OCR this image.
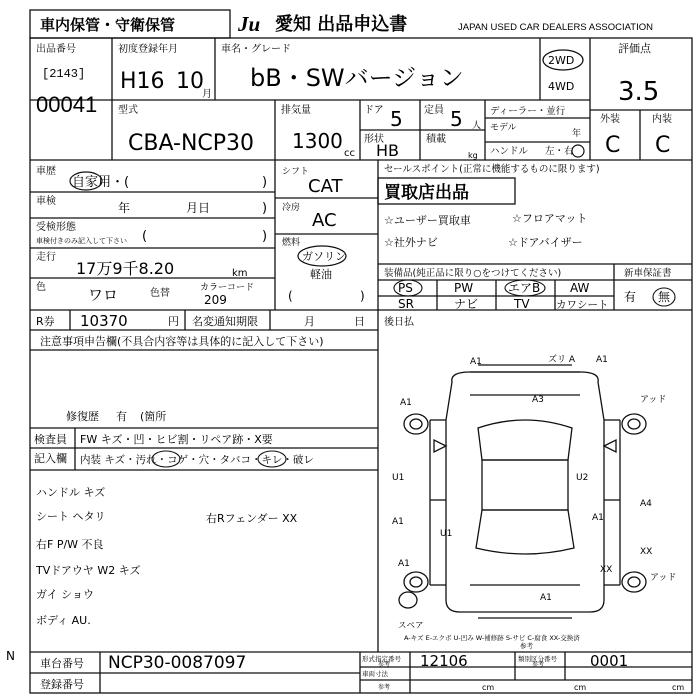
車内保管・守衛保管	Ju 愛知 出品申込書	JAPAN USED CAR DEALERS ASSOCIATION
出品番号
[2143]
00041
初度登録年月
H16 10
月
車名・グレード
bB・SWバージョン
2WD
4WD
評価点
3.5
外装	内装
C C
型式
CBA-NCP30
排気量
1300
cc
ドア 5 定員 5 人
形状
HB
積載
kg
ディーラー・並行
モデル
年
ハンドル 左・右
車歴
自家用・(	)
車検	年	月日	)
受検形態
車検付きのみ記入して下さい (	)
走行
17万9千8.20	km
色	ワロ	色替	カラーコード
209
シフト
CAT
冷房
AC
燃料
ガソリン
軽油
(	)
セールスポイント(正常に機能するものに限ります)
買取店出品
☆ユーザー買取車	☆フロアマット
☆社外ナビ	☆ドアバイザー
装備品(純正品に限り○をつけてください)
PS	PW	エアB AW
SR	ナビ	TV	カワシート
新車保証書
有 無
R券 10370	円 名変通知期限	月	日 後日払
注意事項申告欄(不具合内容等は具体的に記入して下さい)
修復歴 有 (箇所
検査員
記入欄
FW キズ・凹・ヒビ割・リペア跡・X要
内装 キズ・汚れ・コゲ・穴・タバコ・キレ・破レ
ハンドル キズ
シート ヘタリ	右Rフェンダー XX
右F P/W 不良
TVドアウヤ W2 キズ
ガイ ショウ
ボディ AU.
A1	ズリ A A1
A1	アッド
A3
U1	U2
A1	A1
U1
A4
A1
A1
XX
XX
アッド
スペア
A-キズ E-エクボ U-凹み W-補修跡 S-サビ C-腐食 XX-交換済
参考
N
車台番号 NCP30-0087097
登録番号
形式指定番号
参考 12106	類別区分番号
参考	0001
車両寸法
参考	cm	cm	cm
